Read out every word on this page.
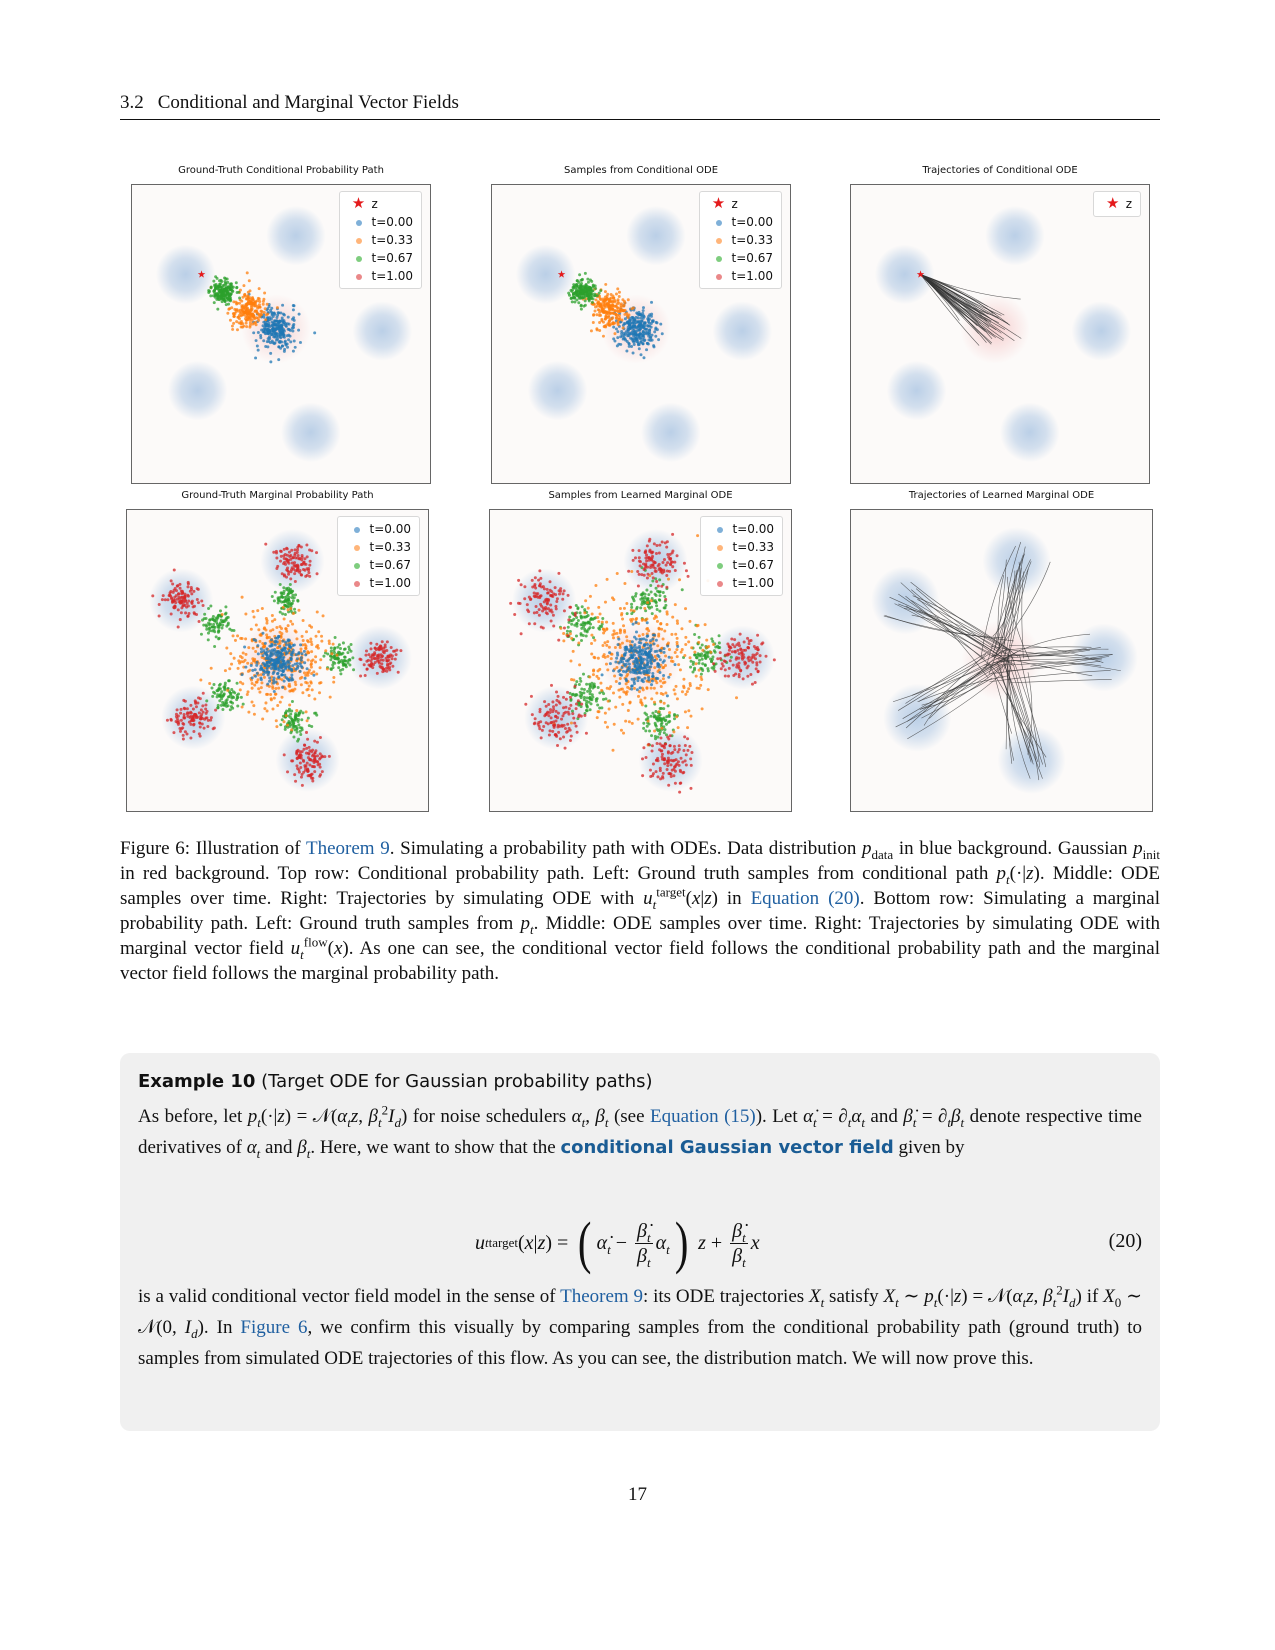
3.2 Conditional and Marginal Vector Fields
Ground-Truth Conditional Probability Path
★ z
t=0.00
t=0.33
t=0.67
t=1.00
Samples from Conditional ODE
★ z
t=0.00
t=0.33
t=0.67
t=1.00
Trajectories of Conditional ODE
★ z
Ground-Truth Marginal Probability Path
t=0.00
t=0.33
t=0.67
t=1.00
Samples from Learned Marginal ODE
t=0.00
t=0.33
t=0.67
t=1.00
Trajectories of Learned Marginal ODE
Figure 6: Illustration of Theorem 9. Simulating a probability path with ODEs. Data distribution $p_{data}$ in blue background. Gaussian $p_{init}$ in red background. Top row: Conditional probability path. Left: Ground truth samples from conditional path $p_t(\cdot|z)$. Middle: ODE samples over time. Right: Trajectories by simulating ODE with $u_t^{target}(x|z)$ in Equation (20). Bottom row: Simulating a marginal probability path. Left: Ground truth samples from $p_t$. Middle: ODE samples over time. Right: Trajectories by simulating ODE with marginal vector field $u_t^{flow}(x)$. As one can see, the conditional vector field follows the conditional probability path and the marginal vector field follows the marginal probability path.
Example 10 (Target ODE for Gaussian probability paths)
As before, let $p_t(\cdot|z)$ = $𝒩(\alpha_tz$, $\beta_t^2I_d$) for noise schedulers $\alpha_t$, $\beta_t$ (see Equation (15)). Let $\alphȧ_t = \partial_t\alpha_t$ and $\betȧ_t = \partial_t\beta_t$ denote respective time derivatives of $\alpha_t$ and $\beta_t$. Here, we want to show that the conditional Gaussian vector field given by
u t target ( x | z ) = ( $\alphȧ_t - \frac{\betȧ_t}{\beta_t} \alpha_t$ )
$z + \frac{\betȧ_t}{\beta_t}$ x	(20)
is a valid conditional vector field model in the sense of Theorem 9: its ODE trajectories $X_t$ satisfy $X_t$ ∼ $p_t(\cdot|z)$ = $𝒩(\alpha_tz$, $\beta_t^2I_d$) if $X_0$ ∼ 𝒩(0, $I_d$). In Figure 6, we confirm this visually by comparing samples from the conditional probability path (ground truth) to samples from simulated ODE trajectories of this flow. As you can see, the distribution match. We will now prove this.
17
